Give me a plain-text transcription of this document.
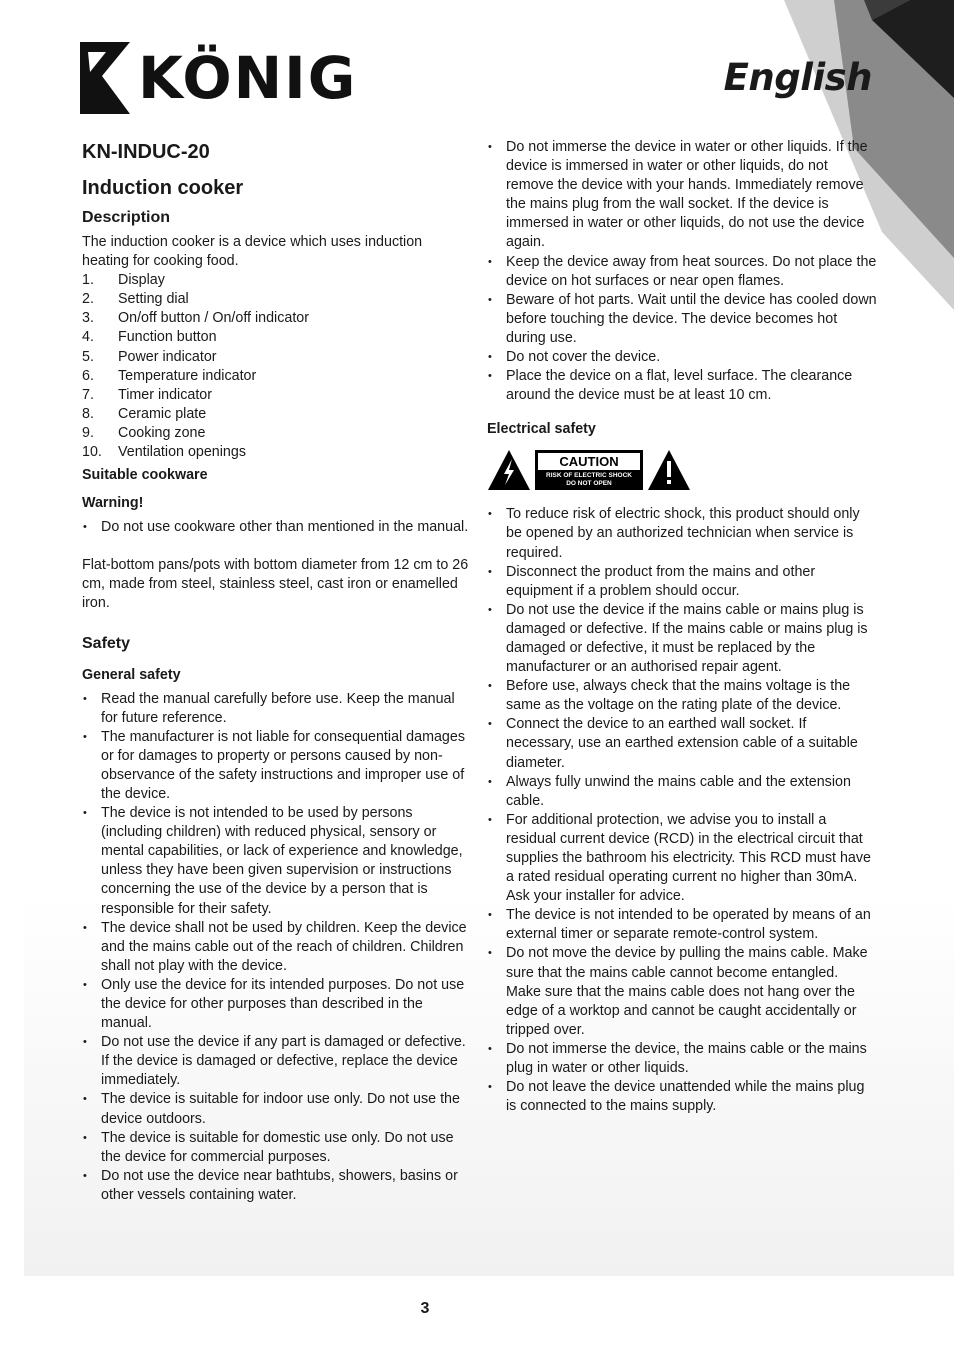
KÖNIG	English
KN-INDUC-20
Induction cooker
Description

The induction cooker is a device which uses induction heating for cooking food.

1.	Display
2.	Setting dial
3.	On/off button / On/off indicator
4.	Function button
5.	Power indicator
6.	Temperature indicator
7.	Timer indicator
8.	Ceramic plate
9.	Cooking zone
10.	Ventilation openings
Suitable cookware
Warning!
• Do not use cookware other than mentioned in the manual.

Flat-bottom pans/pots with bottom diameter from 12 cm to 26 cm, made from steel, stainless steel, cast iron or enamelled iron.

Safety
General safety
• Read the manual carefully before use. Keep the manual for future reference.
• The manufacturer is not liable for consequential damages or for damages to property or persons caused by non-observance of the safety instructions and improper use of the device.
• The device is not intended to be used by persons (including children) with reduced physical, sensory or mental capabilities, or lack of experience and knowledge, unless they have been given supervision or instructions concerning the use of the device by a person that is responsible for their safety.
• The device shall not be used by children. Keep the device and the mains cable out of the reach of children. Children shall not play with the device.
• Only use the device for its intended purposes. Do not use the device for other purposes than described in the manual.
• Do not use the device if any part is damaged or defective. If the device is damaged or defective, replace the device immediately.
• The device is suitable for indoor use only. Do not use the device outdoors.
• The device is suitable for domestic use only. Do not use the device for commercial purposes.
• Do not use the device near bathtubs, showers, basins or other vessels containing water.
• Do not immerse the device in water or other liquids. If the device is immersed in water or other liquids, do not remove the device with your hands. Immediately remove the mains plug from the wall socket. If the device is immersed in water or other liquids, do not use the device again.
• Keep the device away from heat sources. Do not place the device on hot surfaces or near open flames.
• Beware of hot parts. Wait until the device has cooled down before touching the device. The device becomes hot during use.
• Do not cover the device.
• Place the device on a flat, level surface. The clearance around the device must be at least 10 cm.
Electrical safety
CAUTION
RISK OF ELECTRIC SHOCK
DO NOT OPEN
• To reduce risk of electric shock, this product should only be opened by an authorized technician when service is required.
• Disconnect the product from the mains and other equipment if a problem should occur.
• Do not use the device if the mains cable or mains plug is damaged or defective. If the mains cable or mains plug is damaged or defective, it must be replaced by the manufacturer or an authorised repair agent.
• Before use, always check that the mains voltage is the same as the voltage on the rating plate of the device.
• Connect the device to an earthed wall socket. If necessary, use an earthed extension cable of a suitable diameter.
• Always fully unwind the mains cable and the extension cable.
• For additional protection, we advise you to install a residual current device (RCD) in the electrical circuit that supplies the bathroom his electricity. This RCD must have a rated residual operating current no higher than 30mA. Ask your installer for advice.
• The device is not intended to be operated by means of an external timer or separate remote-control system.
• Do not move the device by pulling the mains cable. Make sure that the mains cable cannot become entangled. Make sure that the mains cable does not hang over the edge of a worktop and cannot be caught accidentally or tripped over.
• Do not immerse the device, the mains cable or the mains plug in water or other liquids.
• Do not leave the device unattended while the mains plug is connected to the mains supply.
3
